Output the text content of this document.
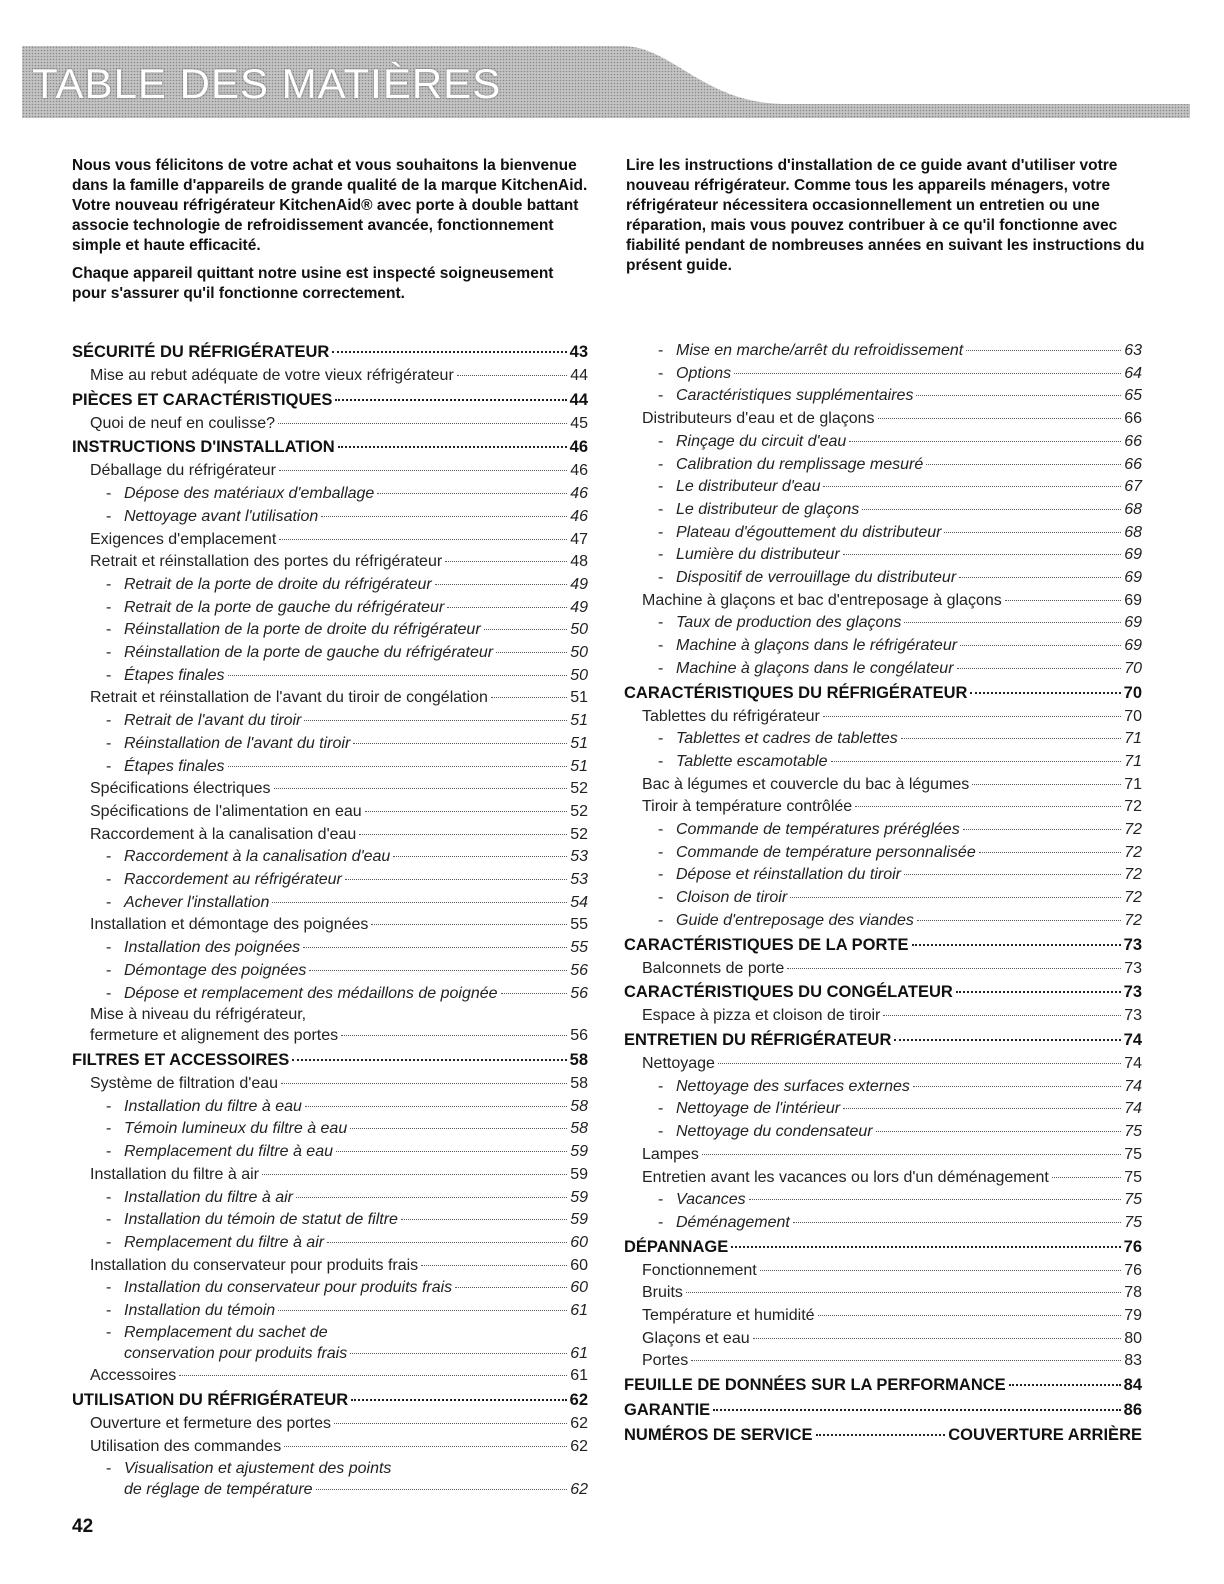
TABLE DES MATIÈRES

Nous vous félicitons de votre achat et vous souhaitons la bienvenue dans la famille d'appareils de grande qualité de la marque KitchenAid. Votre nouveau réfrigérateur KitchenAid® avec porte à double battant associe technologie de refroidissement avancée, fonctionnement simple et haute efficacité.

Chaque appareil quittant notre usine est inspecté soigneusement pour s'assurer qu'il fonctionne correctement.

Lire les instructions d'installation de ce guide avant d'utiliser votre nouveau réfrigérateur. Comme tous les appareils ménagers, votre réfrigérateur nécessitera occasionnellement un entretien ou une réparation, mais vous pouvez contribuer à ce qu'il fonctionne avec fiabilité pendant de nombreuses années en suivant les instructions du présent guide.

SÉCURITÉ DU RÉFRIGÉRATEUR	43
Mise au rebut adéquate de votre vieux réfrigérateur	44
PIÈCES ET CARACTÉRISTIQUES	44
Quoi de neuf en coulisse?	45
INSTRUCTIONS D'INSTALLATION	46
Déballage du réfrigérateur	46
- Dépose des matériaux d'emballage	46
- Nettoyage avant l'utilisation	46
Exigences d'emplacement	47
Retrait et réinstallation des portes du réfrigérateur	48
- Retrait de la porte de droite du réfrigérateur	49
- Retrait de la porte de gauche du réfrigérateur	49
- Réinstallation de la porte de droite du réfrigérateur	50
- Réinstallation de la porte de gauche du réfrigérateur	50
- Étapes finales	50
Retrait et réinstallation de l'avant du tiroir de congélation	51
- Retrait de l'avant du tiroir	51
- Réinstallation de l'avant du tiroir	51
- Étapes finales	51
Spécifications électriques	52
Spécifications de l'alimentation en eau	52
Raccordement à la canalisation d'eau	52
- Raccordement à la canalisation d'eau	53
- Raccordement au réfrigérateur	53
- Achever l'installation	54
Installation et démontage des poignées	55
- Installation des poignées	55
- Démontage des poignées	56
- Dépose et remplacement des médaillons de poignée	56
Mise à niveau du réfrigérateur,
fermeture et alignement des portes	56
FILTRES ET ACCESSOIRES	58
Système de filtration d'eau	58
- Installation du filtre à eau	58
- Témoin lumineux du filtre à eau	58
- Remplacement du filtre à eau	59
Installation du filtre à air	59
- Installation du filtre à air	59
- Installation du témoin de statut de filtre	59
- Remplacement du filtre à air	60
Installation du conservateur pour produits frais	60
- Installation du conservateur pour produits frais	60
- Installation du témoin	61
- Remplacement du sachet de
conservation pour produits frais	61
Accessoires	61
UTILISATION DU RÉFRIGÉRATEUR	62
Ouverture et fermeture des portes	62
Utilisation des commandes	62
- Visualisation et ajustement des points
de réglage de température	62
- Mise en marche/arrêt du refroidissement	63
- Options	64
- Caractéristiques supplémentaires	65
Distributeurs d'eau et de glaçons	66
- Rinçage du circuit d'eau	66
- Calibration du remplissage mesuré	66
- Le distributeur d'eau	67
- Le distributeur de glaçons	68
- Plateau d'égouttement du distributeur	68
- Lumière du distributeur	69
- Dispositif de verrouillage du distributeur	69
Machine à glaçons et bac d'entreposage à glaçons	69
- Taux de production des glaçons	69
- Machine à glaçons dans le réfrigérateur	69
- Machine à glaçons dans le congélateur	70
CARACTÉRISTIQUES DU RÉFRIGÉRATEUR	70
Tablettes du réfrigérateur	70
- Tablettes et cadres de tablettes	71
- Tablette escamotable	71
Bac à légumes et couvercle du bac à légumes	71
Tiroir à température contrôlée	72
- Commande de températures préréglées	72
- Commande de température personnalisée	72
- Dépose et réinstallation du tiroir	72
- Cloison de tiroir	72
- Guide d'entreposage des viandes	72
CARACTÉRISTIQUES DE LA PORTE	73
Balconnets de porte	73
CARACTÉRISTIQUES DU CONGÉLATEUR	73
Espace à pizza et cloison de tiroir	73
ENTRETIEN DU RÉFRIGÉRATEUR	74
Nettoyage	74
- Nettoyage des surfaces externes	74
- Nettoyage de l'intérieur	74
- Nettoyage du condensateur	75
Lampes	75
Entretien avant les vacances ou lors d'un déménagement	75
- Vacances	75
- Déménagement	75
DÉPANNAGE	76
Fonctionnement	76
Bruits	78
Température et humidité	79
Glaçons et eau	80
Portes	83
FEUILLE DE DONNÉES SUR LA PERFORMANCE	84
GARANTIE	86
NUMÉROS DE SERVICE	COUVERTURE ARRIÈRE

42
